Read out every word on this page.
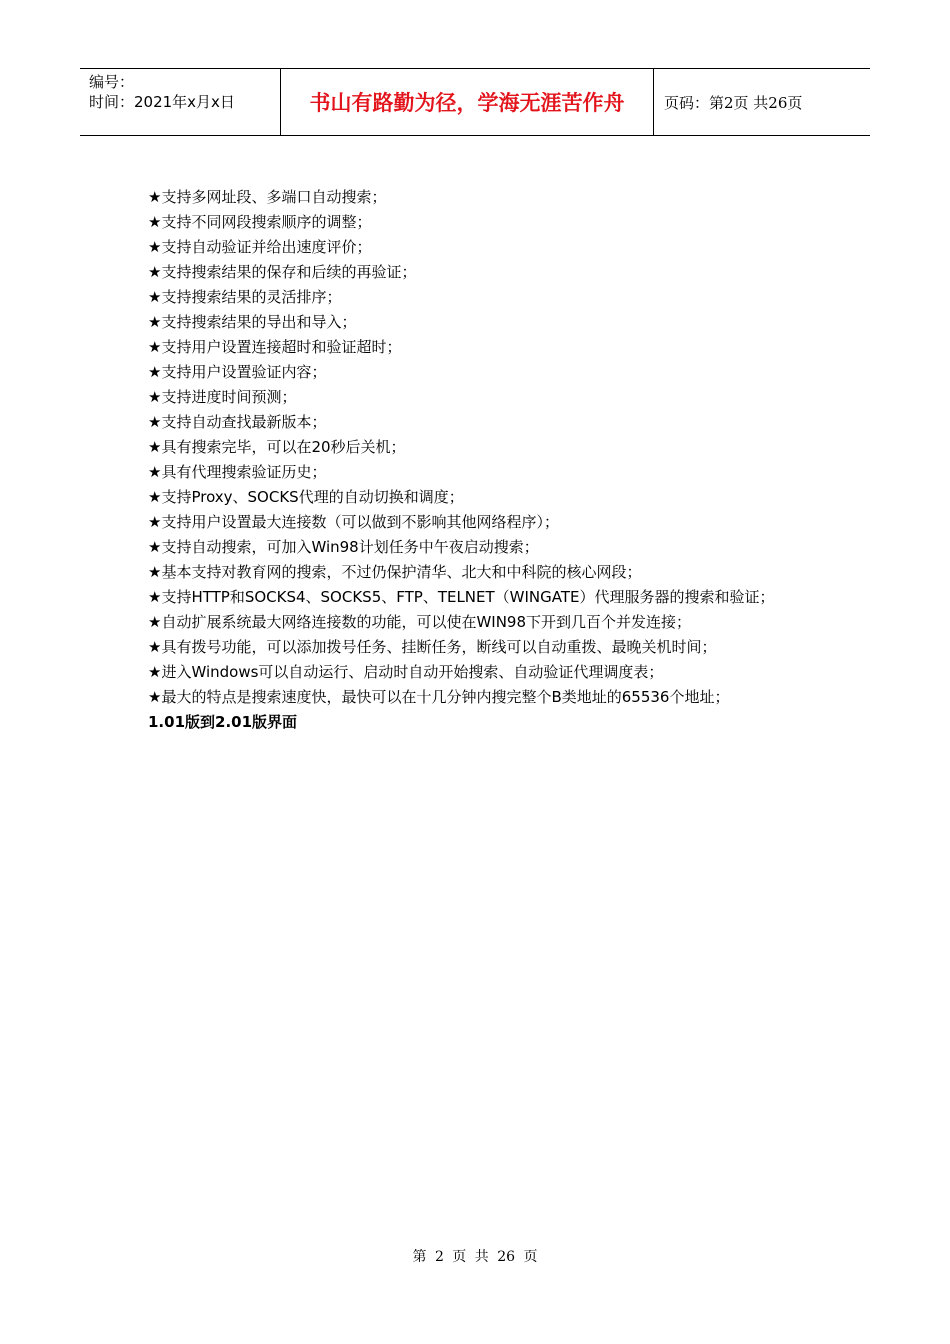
编号：
时间：2021年x月x日	书山有路勤为径，学海无涯苦作舟	页码：第2页 共26页
★支持多网址段、多端口自动搜索；
★支持不同网段搜索顺序的调整；
★支持自动验证并给出速度评价；
★支持搜索结果的保存和后续的再验证；
★支持搜索结果的灵活排序；
★支持搜索结果的导出和导入；
★支持用户设置连接超时和验证超时；
★支持用户设置验证内容；
★支持进度时间预测；
★支持自动查找最新版本；
★具有搜索完毕，可以在20秒后关机；
★具有代理搜索验证历史；
★支持Proxy、SOCKS代理的自动切换和调度；
★支持用户设置最大连接数（可以做到不影响其他网络程序）；
★支持自动搜索，可加入Win98计划任务中午夜启动搜索；
★基本支持对教育网的搜索，不过仍保护清华、北大和中科院的核心网段；
★支持HTTP和SOCKS4、SOCKS5、FTP、TELNET（WINGATE）代理服务器的搜索和验证；
★自动扩展系统最大网络连接数的功能，可以使在WIN98下开到几百个并发连接；
★具有拨号功能，可以添加拨号任务、挂断任务，断线可以自动重拨、最晚关机时间；
★进入Windows可以自动运行、启动时自动开始搜索、自动验证代理调度表；
★最大的特点是搜索速度快，最快可以在十几分钟内搜完整个B类地址的65536个地址；
1.01版到2.01版界面
第 2 页 共 26 页
